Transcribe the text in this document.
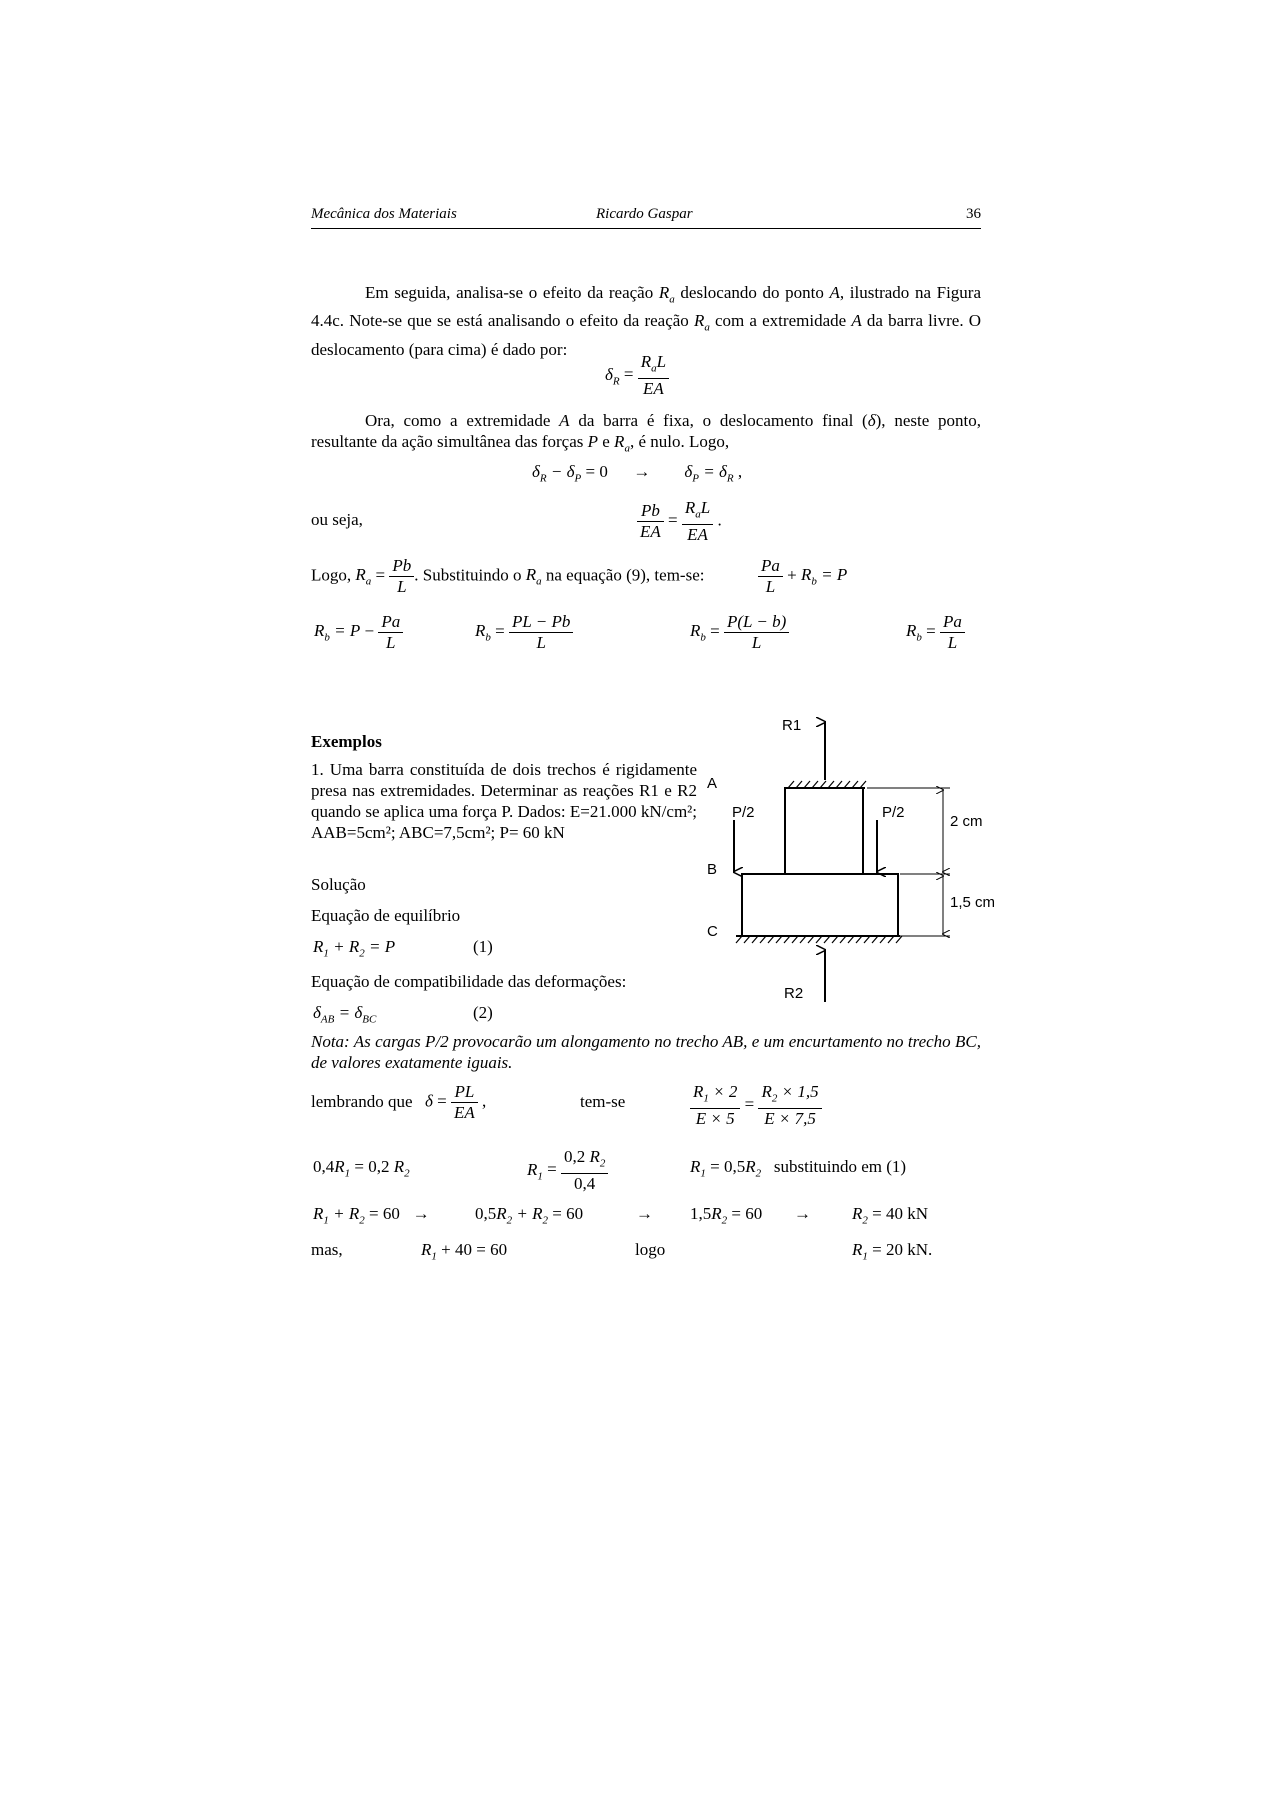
Mecânica dos Materiais	Ricardo Gaspar	36

Em seguida, analisa-se o efeito da reação $R_a$ deslocando do ponto A, ilustrado na Figura 4.4c. Note-se que se está analisando o efeito da reação $R_a$ com a extremidade A da barra livre. O deslocamento (para cima) é dado por:

$\delta_R = \frac{R_aL}{EA}$

Ora, como a extremidade A da barra é fixa, o deslocamento final (δ), neste ponto, resultante da ação simultânea das forças P e $R_a$, é nulo. Logo,

$\delta_R - \delta_P = 0$      →        $\delta_P = \delta_R$ ,
ou seja,	$\frac{Pb}{EA} = \frac{R_aL}{EA}$ .
Logo, $R_a = \frac{Pb}{L}$ . Substituindo o $R_a$ na equação (9), tem-se:	$\frac{Pa}{L} + R_b = P$
$R_b = P - \frac{Pa}{L}$	$R_b = \frac{PL - Pb}{L}$	$R_b = \frac{P(L - b)}{L}$	$R_b = \frac{Pa}{L}$
Exemplos
1. Uma barra constituída de dois trechos é rigidamente presa nas extremidades. Determinar as reações R1 e R2 quando se aplica uma força P. Dados: E=21.000 kN/cm²; AAB=5cm²; ABC=7,5cm²; P= 60 kN
Solução
Equação de equilíbrio
$R_1 + R_2 = P$	(1)
Equação de compatibilidade das deformações:
$\delta_{AB} = \delta_{BC}$	(2)
R1
P/2	P/2
R2
A
B
C
2 cm
1,5 cm
Nota: As cargas P/2 provocarão um alongamento no trecho AB, e um encurtamento no trecho BC, de valores exatamente iguais.
lembrando que $\delta = \frac{PL}{EA}$ ,	tem-se	$\frac{R_1 \times 2}{E \times 5} = \frac{R_2 \times 1,5}{E \times 7,5}$
$0,4R_1 = 0,2$ $R_2$	$R_1 = \frac{0,2 R_2}{0,4}$	$R_1 = 0,5R_2$ substituindo em (1)
$R_1 + R_2 = 60$   →	$0,5R_2 + R_2 = 60$	→ $1,5R_2 = 60 \to R_2 = 40$ kN
mas,	$R_1 + 40 = 60$	logo	$R_1 = 20$ kN.
